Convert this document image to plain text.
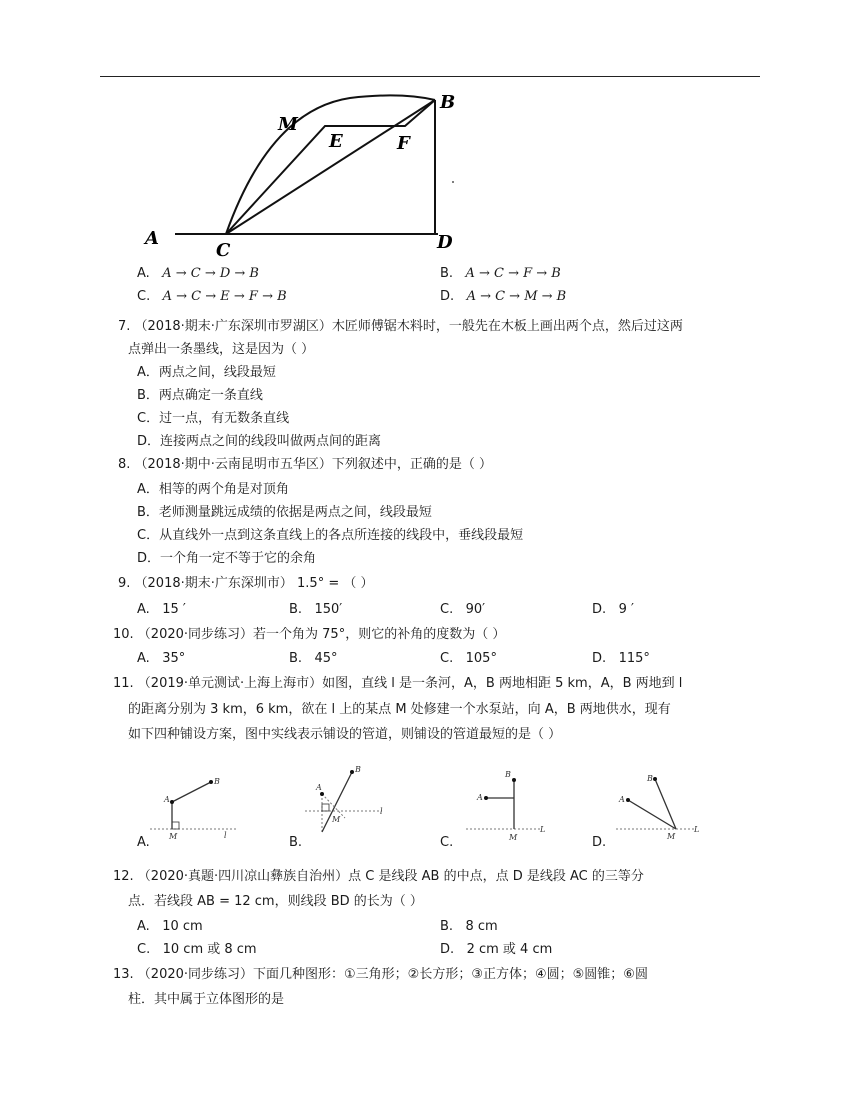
A
C	D
B
M
E	F
A. A → C → D → B	B. A → C → F → B
C. A → C → E → F → B	D. A → C → M → B
7. （2018·期末·广东深圳市罗湖区）木匠师傅锯木料时，一般先在木板上画出两个点，然后过这两
点弹出一条墨线，这是因为（ ）
A．两点之间，线段最短
B．两点确定一条直线
C．过一点，有无数条直线
D．连接两点之间的线段叫做两点间的距离
8. （2018·期中·云南昆明市五华区）下列叙述中，正确的是（ ）
A．相等的两个角是对顶角
B．老师测量跳远成绩的依据是两点之间，线段最短
C．从直线外一点到这条直线上的各点所连接的线段中，垂线段最短
D．一个角一定不等于它的余角
9. （2018·期末·广东深圳市） 1.5° = （ ）
A. 15 ′	B. 150′	C. 90′	D. 9 ′
10. （2020·同步练习）若一个角为 75°，则它的补角的度数为（ ）
A. 35°	B. 45°	C. 105°	D. 115°
11. （2019·单元测试·上海上海市）如图，直线 l 是一条河，A，B 两地相距 5 km，A，B 两地到 l
的距离分别为 3 km，6 km，欲在 l 上的某点 M 处修建一个水泵站，向 A，B 两地供水，现有
如下四种铺设方案，图中实线表示铺设的管道，则铺设的管道最短的是（ ）
A
B
M	l
A
B
M
l
A
B
M
L
A
B
M
L
A.	B.	C.	D.
12. （2020·真题·四川凉山彝族自治州）点 C 是线段 AB 的中点，点 D 是线段 AC 的三等分
点．若线段 AB = 12 cm，则线段 BD 的长为（ ）
A. 10 cm	B. 8 cm
C. 10 cm 或 8 cm	D. 2 cm 或 4 cm
13. （2020·同步练习）下面几种图形：①三角形；②长方形；③正方体；④圆；⑤圆锥；⑥圆
柱．其中属于立体图形的是
